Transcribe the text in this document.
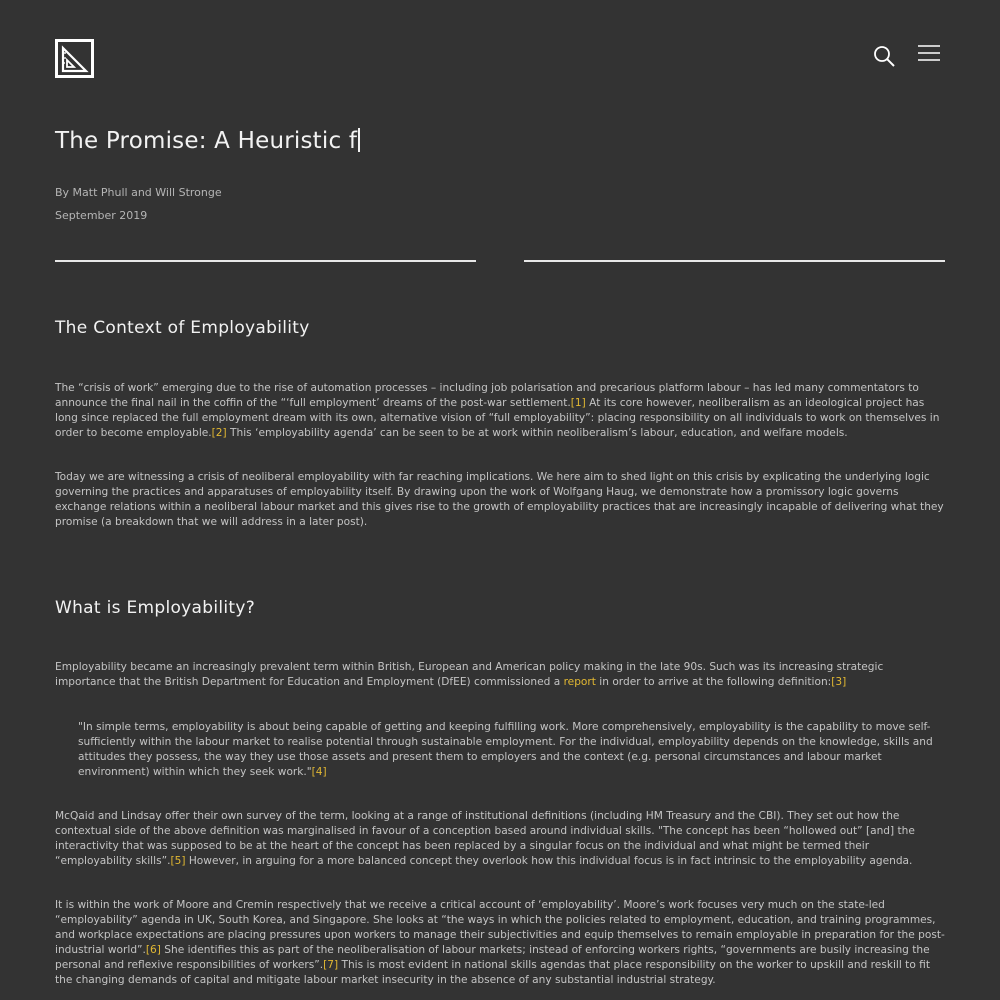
The Promise: A Heuristic f

By Matt Phull and Will Stronge

September 2019

The Context of Employability

The “crisis of work” emerging due to the rise of automation processes – including job polarisation and precarious platform labour – has led many commentators to announce the final nail in the coffin of the “‘full employment’ dreams of the post-war settlement.[1] At its core however, neoliberalism as an ideological project has long since replaced the full employment dream with its own, alternative vision of “full employability”: placing responsibility on all individuals to work on themselves in order to become employable.[2] This ‘employability agenda’ can be seen to be at work within neoliberalism’s labour, education, and welfare models.

Today we are witnessing a crisis of neoliberal employability with far reaching implications. We here aim to shed light on this crisis by explicating the underlying logic governing the practices and apparatuses of employability itself. By drawing upon the work of Wolfgang Haug, we demonstrate how a promissory logic governs exchange relations within a neoliberal labour market and this gives rise to the growth of employability practices that are increasingly incapable of delivering what they promise (a breakdown that we will address in a later post).

What is Employability?

Employability became an increasingly prevalent term within British, European and American policy making in the late 90s. Such was its increasing strategic importance that the British Department for Education and Employment (DfEE) commissioned a report in order to arrive at the following definition:[3]

"In simple terms, employability is about being capable of getting and keeping fulfilling work. More comprehensively, employability is the capability to move self-sufficiently within the labour market to realise potential through sustainable employment. For the individual, employability depends on the knowledge, skills and attitudes they possess, the way they use those assets and present them to employers and the context (e.g. personal circumstances and labour market environment) within which they seek work."[4]

McQaid and Lindsay offer their own survey of the term, looking at a range of institutional definitions (including HM Treasury and the CBI). They set out how the contextual side of the above definition was marginalised in favour of a conception based around individual skills. "The concept has been “hollowed out” [and] the interactivity that was supposed to be at the heart of the concept has been replaced by a singular focus on the individual and what might be termed their “employability skills”.[5] However, in arguing for a more balanced concept they overlook how this individual focus is in fact intrinsic to the employability agenda.

It is within the work of Moore and Cremin respectively that we receive a critical account of ‘employability’. Moore’s work focuses very much on the state-led “employability” agenda in UK, South Korea, and Singapore. She looks at “the ways in which the policies related to employment, education, and training programmes, and workplace expectations are placing pressures upon workers to manage their subjectivities and equip themselves to remain employable in preparation for the post-industrial world”.[6] She identifies this as part of the neoliberalisation of labour markets; instead of enforcing workers rights, “governments are busily increasing the personal and reflexive responsibilities of workers”.[7] This is most evident in national skills agendas that place responsibility on the worker to upskill and reskill to fit the changing demands of capital and mitigate labour market insecurity in the absence of any substantial industrial strategy.
